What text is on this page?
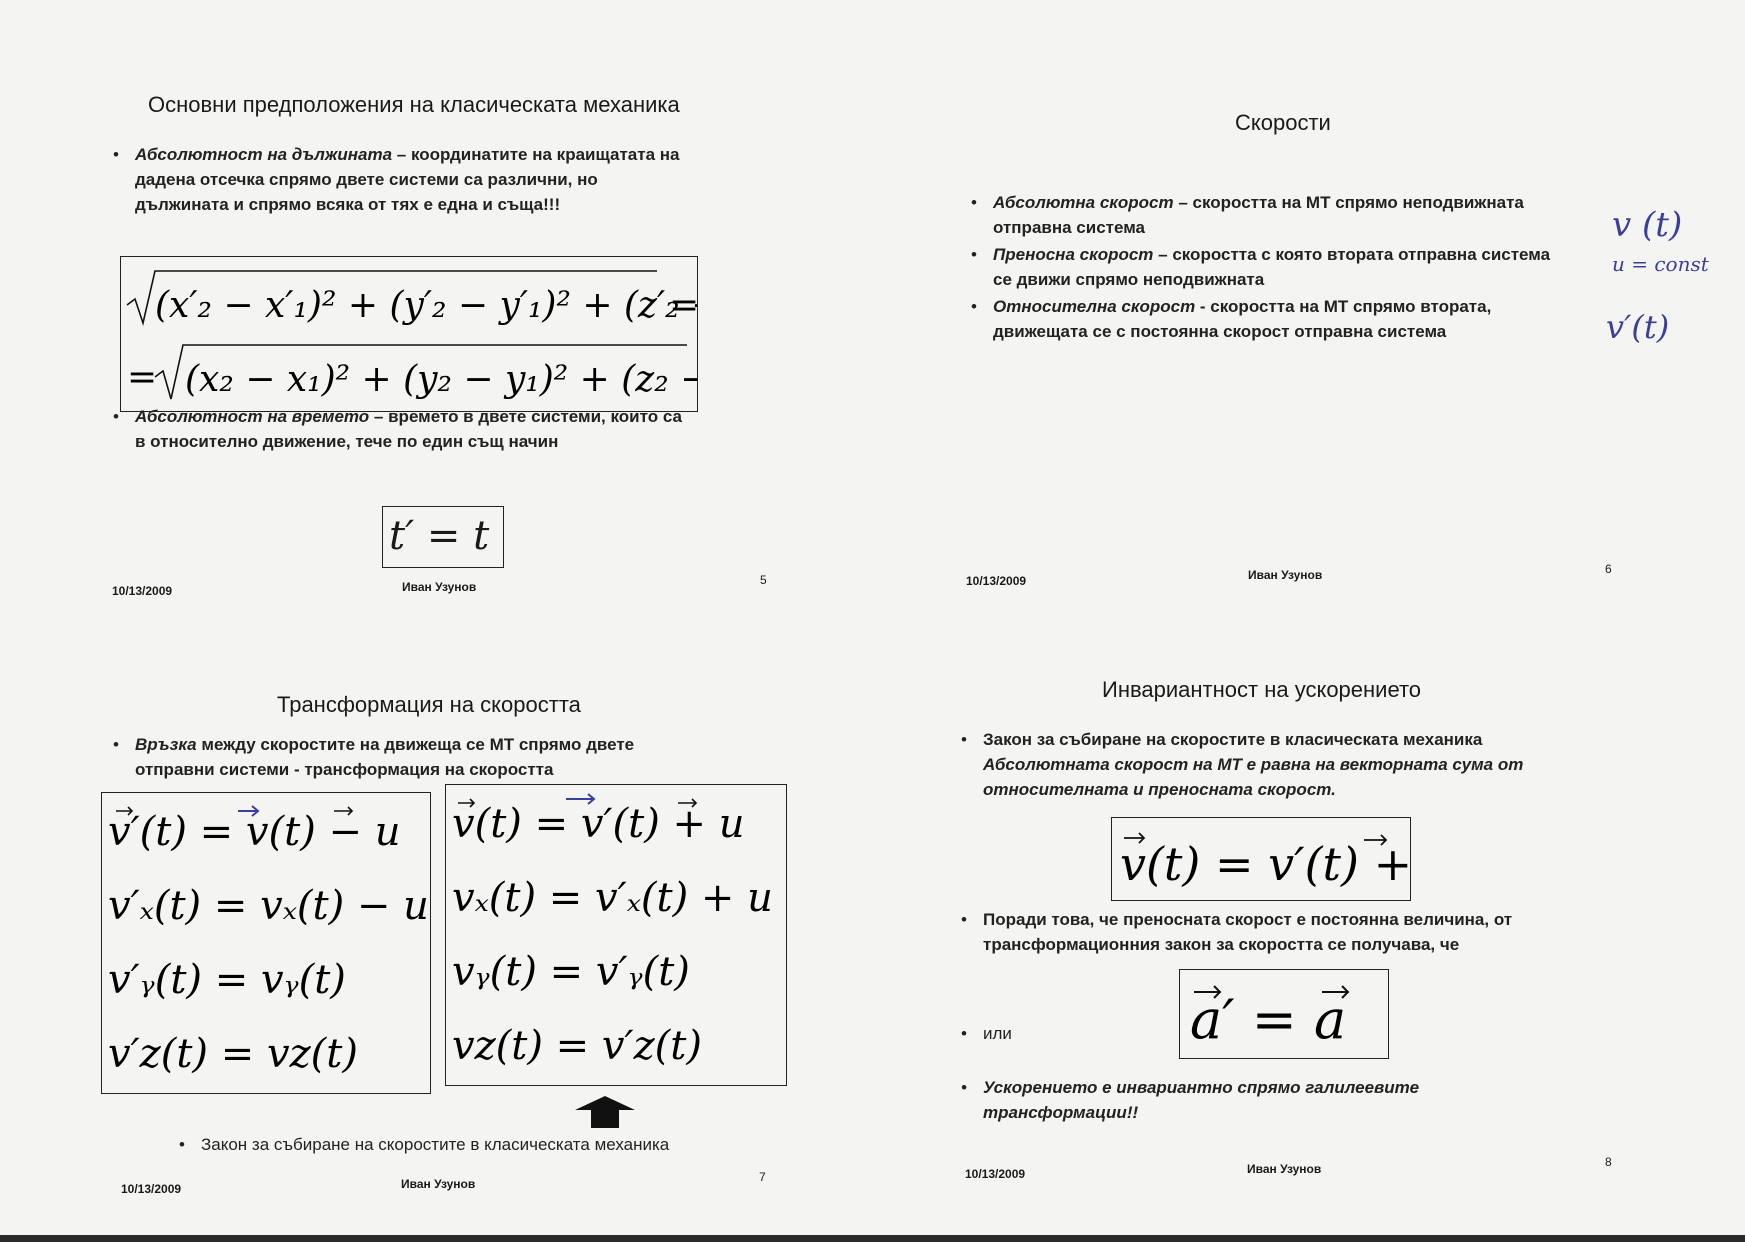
Основни предположения на класическата механика
• Абсолютност на дължината – координатите на краищатата на дадена отсечка спрямо двете системи са различни, но дължината и спрямо всяка от тях е една и съща!!!
(x′₂ − x′₁)² + (y′₂ − y′₁)² + (z′₂
=
= (x₂ − x₁)² + (y₂ − y₁)² + (z₂
• Абсолютност на времето – времето в двете системи, които са в относително движение, тече по един същ начин
t′ = t
10/13/2009	Иван Узунов	5
Скорости
• Абсолютна скорост – скоростта на МТ спрямо неподвижната отправна система
• Преносна скорост – скоростта с която втората отправна система се движи спрямо неподвижната
• Относителна скорост - скоростта на МТ спрямо втората, движещата се с постоянна скорост отправна система
v (t)
u = const
v′(t)
10/13/2009	Иван Узунов	6
Трансформация на скоростта
• Връзка между скоростите на движеща се МТ спрямо двете отправни системи - трансформация на скоростта
v′(t) = v(t) − u
v′ₓ(t) = vₓ(t) − u
v′ᵧ(t) = vᵧ(t)
v′z(t) = vz(t)
v(t) = v′(t) + u
vₓ(t) = v′ₓ(t) + u
vᵧ(t) = v′ᵧ(t)
vz(t) = v′z(t)
• Закон за събиране на скоростите в класическата механика
10/13/2009	Иван Узунов	7
Инвариантност на ускорението
• Закон за събиране на скоростите в класическата механика
Абсолютната скорост на МТ е равна на векторната сума от относителната и преносната скорост.
v(t) = v′(t) +
• Поради това, че преносната скорост е постоянна величина, от трансформационния закон за скоростта се получава, че
• или	a′ = a
• Ускорението е инвариантно спрямо галилеевите трансформации!!
10/13/2009	Иван Узунов	8
